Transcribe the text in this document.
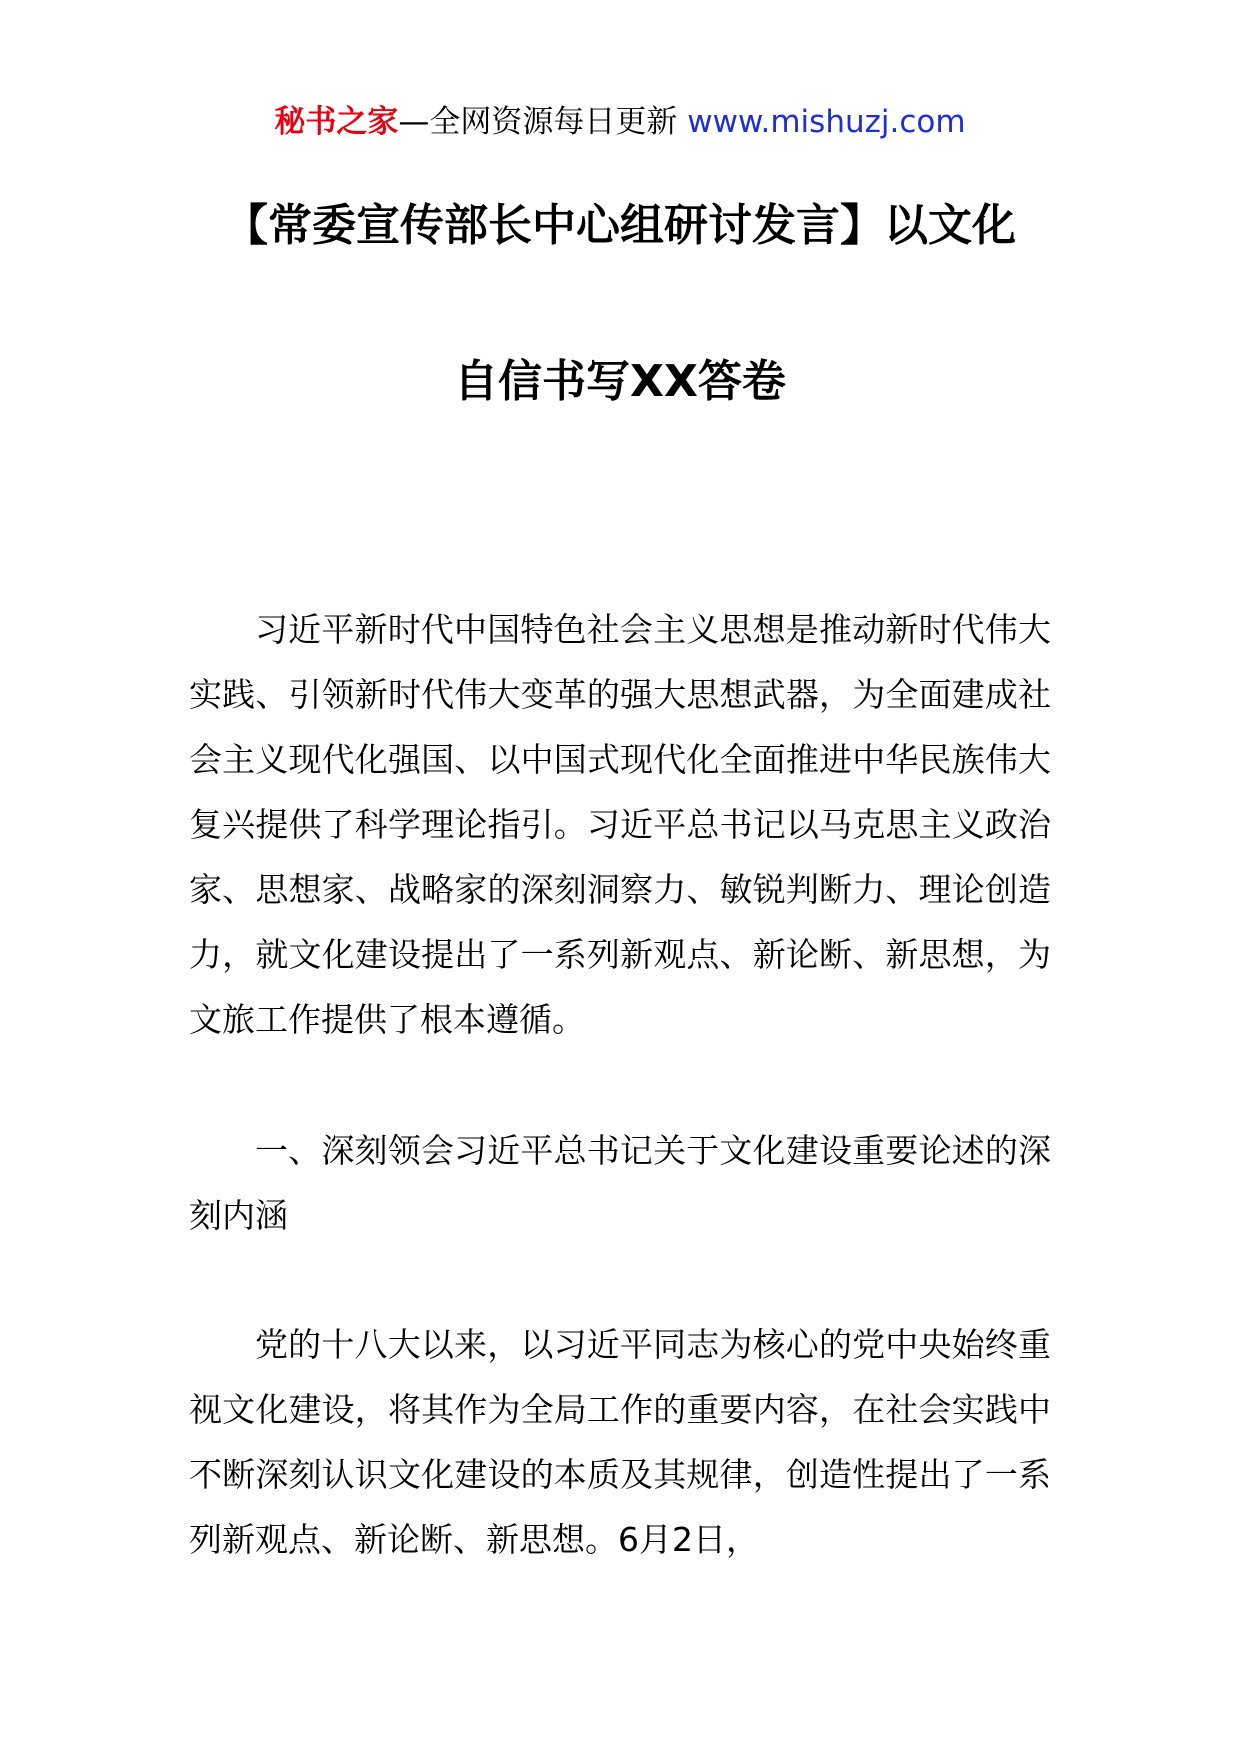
秘书之家—全网资源每日更新 www.mishuzj.com
【常委宣传部长中心组研讨发言】以文化
自信书写XX答卷

习近平新时代中国特色社会主义思想是推动新时代伟大实践、引领新时代伟大变革的强大思想武器，为全面建成社会主义现代化强国、以中国式现代化全面推进中华民族伟大复兴提供了科学理论指引。习近平总书记以马克思主义政治家、思想家、战略家的深刻洞察力、敏锐判断力、理论创造力，就文化建设提出了一系列新观点、新论断、新思想，为文旅工作提供了根本遵循。

一、深刻领会习近平总书记关于文化建设重要论述的深刻内涵

党的十八大以来，以习近平同志为核心的党中央始终重视文化建设，将其作为全局工作的重要内容，在社会实践中不断深刻认识文化建设的本质及其规律，创造性提出了一系列新观点、新论断、新思想。6月2日，
